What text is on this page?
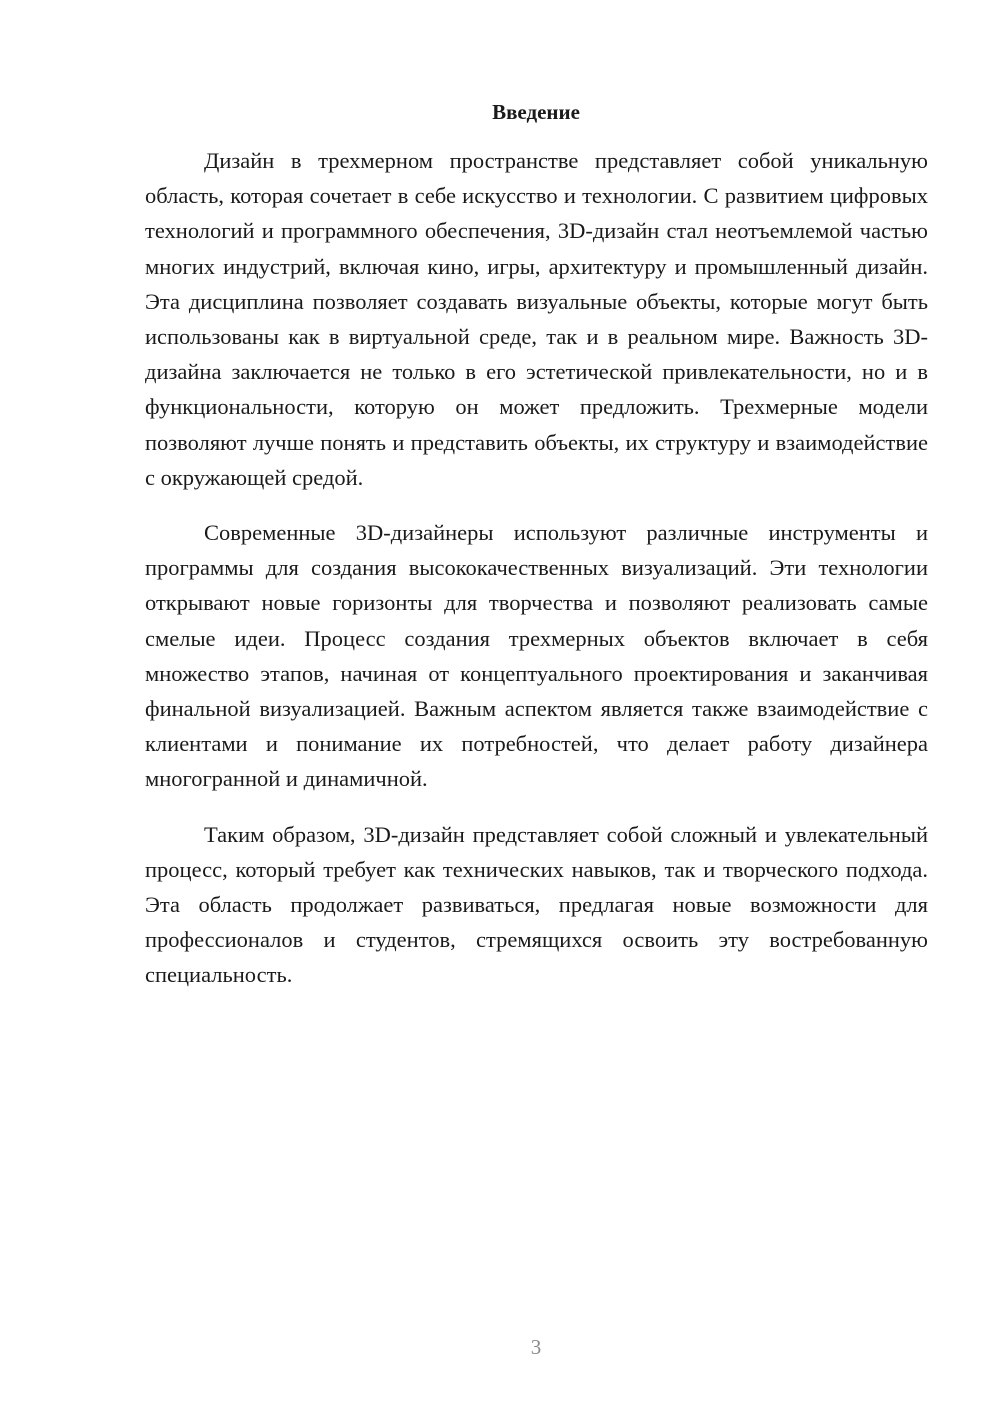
Введение

Дизайн в трехмерном пространстве представляет собой уникальную область, которая сочетает в себе искусство и технологии. С развитием цифровых технологий и программного обеспечения, 3D-дизайн стал неотъемлемой частью многих индустрий, включая кино, игры, архитектуру и промышленный дизайн. Эта дисциплина позволяет создавать визуальные объекты, которые могут быть использованы как в виртуальной среде, так и в реальном мире. Важность 3D-дизайна заключается не только в его эстетической привлекательности, но и в функциональности, которую он может предложить. Трехмерные модели позволяют лучше понять и представить объекты, их структуру и взаимодействие с окружающей средой.

Современные 3D-дизайнеры используют различные инструменты и программы для создания высококачественных визуализаций. Эти технологии открывают новые горизонты для творчества и позволяют реализовать самые смелые идеи. Процесс создания трехмерных объектов включает в себя множество этапов, начиная от концептуального проектирования и заканчивая финальной визуализацией. Важным аспектом является также взаимодействие с клиентами и понимание их потребностей, что делает работу дизайнера многогранной и динамичной.

Таким образом, 3D-дизайн представляет собой сложный и увлекательный процесс, который требует как технических навыков, так и творческого подхода. Эта область продолжает развиваться, предлагая новые возможности для профессионалов и студентов, стремящихся освоить эту востребованную специальность.

3
